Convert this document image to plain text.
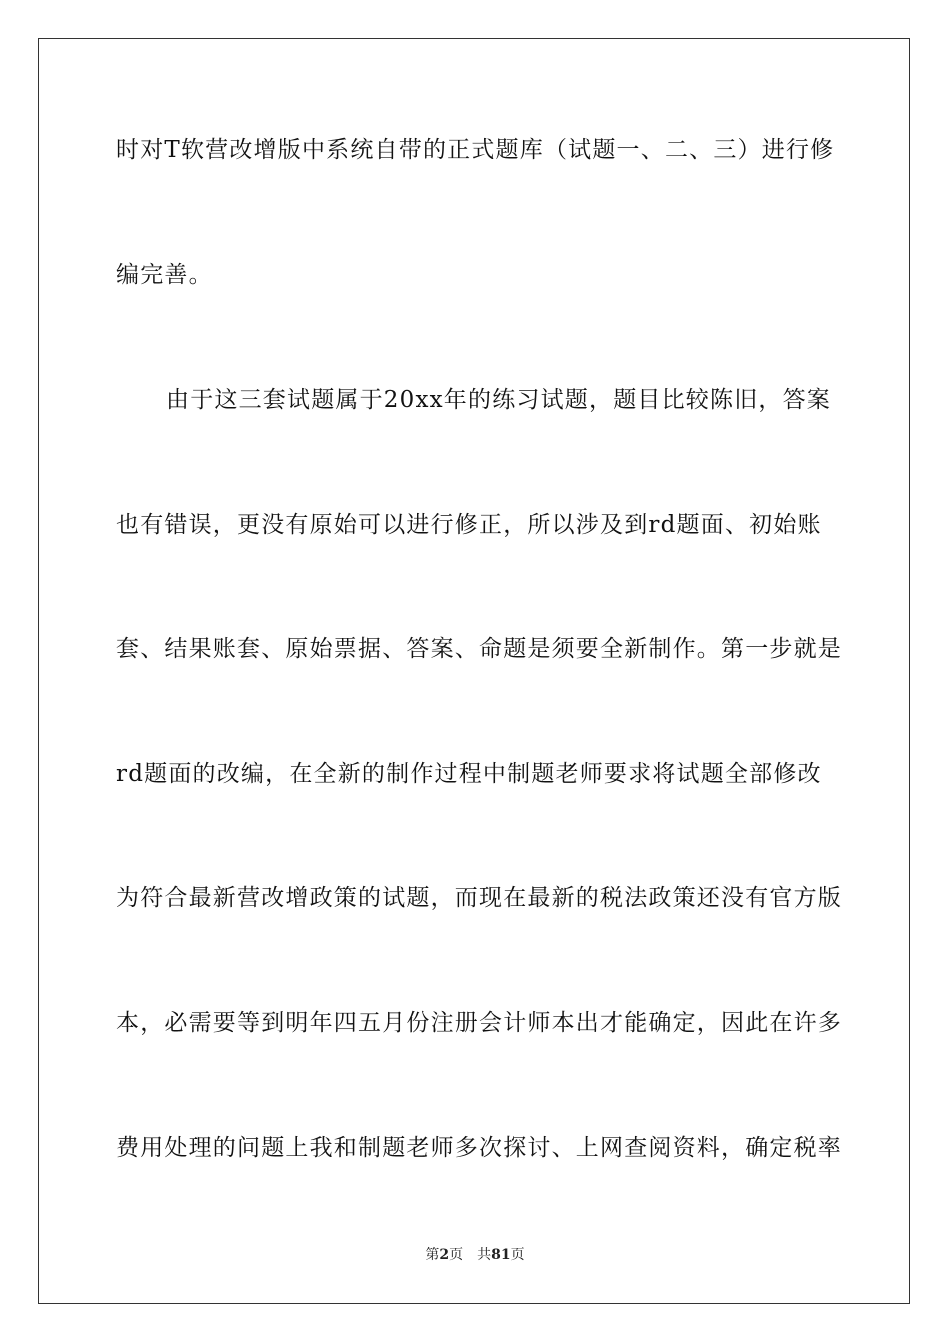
时对T软营改增版中系统自带的正式题库（试题一、二、三）进行修
编完善。
由于这三套试题属于20xx年的练习试题，题目比较陈旧，答案
也有错误，更没有原始可以进行修正，所以涉及到rd题面、初始账
套、结果账套、原始票据、答案、命题是须要全新制作。第一步就是
rd题面的改编，在全新的制作过程中制题老师要求将试题全部修改
为符合最新营改增政策的试题，而现在最新的税法政策还没有官方版
本，必需要等到明年四五月份注册会计师本出才能确定，因此在许多
费用处理的问题上我和制题老师多次探讨、上网查阅资料，确定税率
第2页 共81页
